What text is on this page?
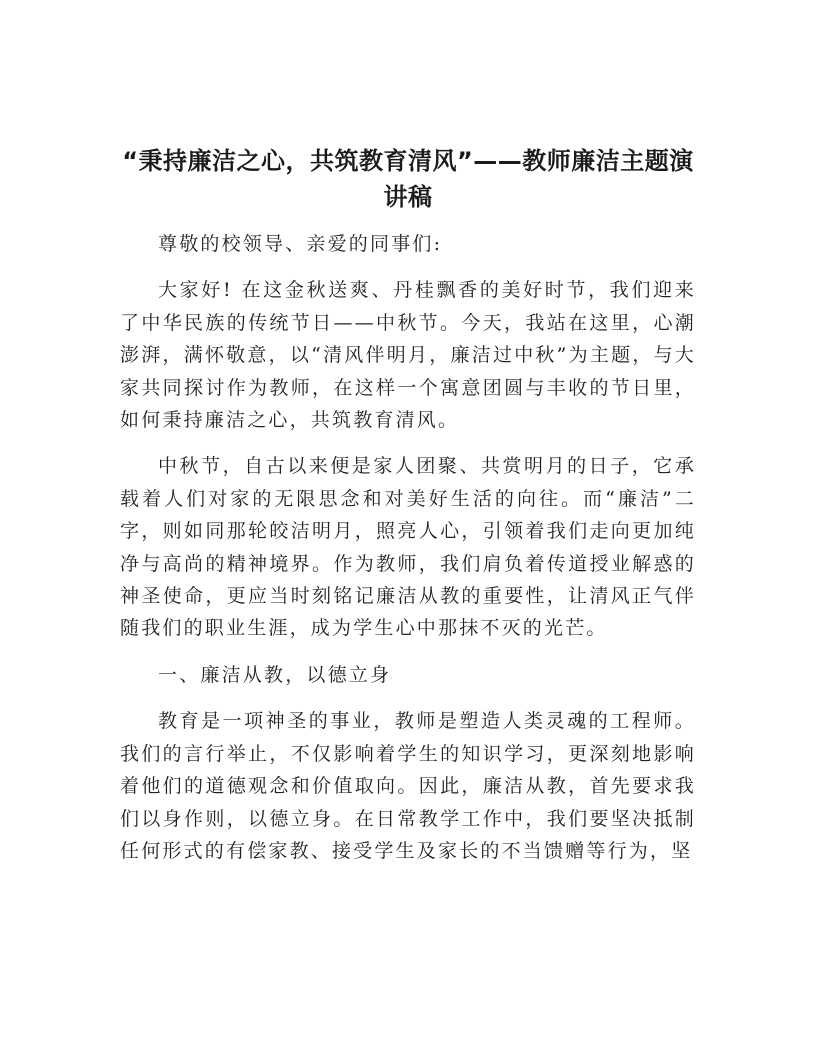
“秉持廉洁之心，共筑教育清风”——教师廉洁主题演讲稿

尊敬的校领导、亲爱的同事们:

大家好! 在这金秋送爽、丹桂飘香的美好时节，我们迎来了中华民族的传统节日——中秋节。今天，我站在这里，心潮澎湃，满怀敬意，以“清风伴明月，廉洁过中秋”为主题，与大家共同探讨作为教师，在这样一个寓意团圆与丰收的节日里，如何秉持廉洁之心，共筑教育清风。

中秋节，自古以来便是家人团聚、共赏明月的日子，它承载着人们对家的无限思念和对美好生活的向往。而“廉洁”二字，则如同那轮皎洁明月，照亮人心，引领着我们走向更加纯净与高尚的精神境界。作为教师，我们肩负着传道授业解惑的神圣使命，更应当时刻铭记廉洁从教的重要性，让清风正气伴随我们的职业生涯，成为学生心中那抹不灭的光芒。

一、廉洁从教，以德立身

教育是一项神圣的事业，教师是塑造人类灵魂的工程师。我们的言行举止，不仅影响着学生的知识学习，更深刻地影响着他们的道德观念和价值取向。因此，廉洁从教，首先要求我们以身作则，以德立身。在日常教学工作中，我们要坚决抵制任何形式的有偿家教、接受学生及家长的不当馈赠等行为，坚
